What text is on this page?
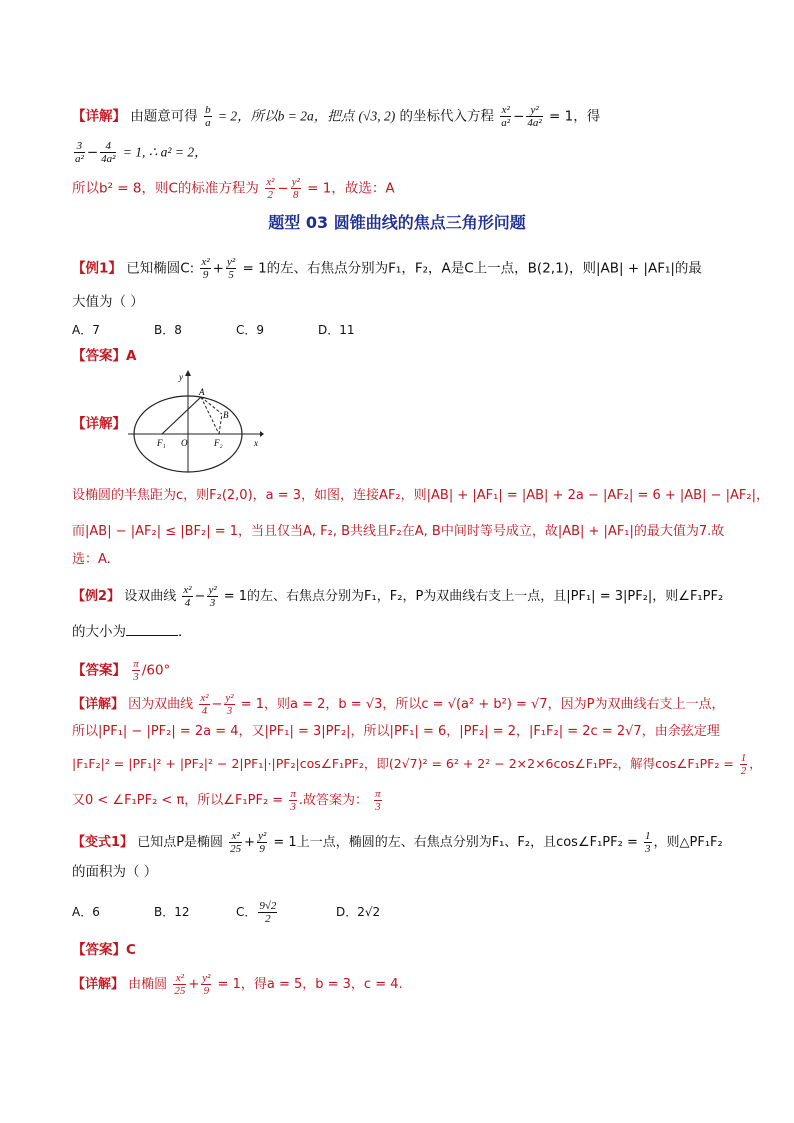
【详解】 由题意可得 $\frac{b}{a} = 2$，所以b = 2a，把点 (√3, 2) 的坐标代入方程 $\frac{\text{x²}}{\text{a²}} - \frac{\text{y²}}{\text{4a²}} = 1$，得
$\frac{3}{\text{a²}} - \frac{4}{\text{4a²}} = 1$, ∴ a² = 2，
所以b² = 8，则C的标准方程为 $\frac{\text{x²}}{2} - \frac{\text{y²}}{8} = 1$，故选：A
题型 03 圆锥曲线的焦点三角形问题
【例1】 已知椭圆C: $\frac{\text{x²}}{9} + \frac{\text{y²}}{5} = 1$的左、右焦点分别为F₁，F₂，A是C上一点，B(2,1)，则|AB| + |AF₁|的最
大值为（ ）
A．7	B．8	C．9	D．11
【答案】A
【详解】
y
x
A
B
O
F₁	F₂
设椭圆的半焦距为c，则F₂(2,0)，a = 3，如图，连接AF₂，则|AB| + |AF₁| = |AB| + 2a − |AF₂| = 6 + |AB| − |AF₂|，
而|AB| − |AF₂| ≤ |BF₂| = 1，当且仅当A, F₂, B共线且F₂在A, B中间时等号成立，故|AB| + |AF₁|的最大值为7.故
选：A.
【例2】 设双曲线 $\frac{\text{x²}}{4} - \frac{\text{y²}}{3} = 1$的左、右焦点分别为F₁，F₂，P为双曲线右支上一点，且|PF₁| = 3|PF₂|，则∠F₁PF₂
的大小为	．
【答案】 $\frac{\pi}{3} /60^\circ$
【详解】 因为双曲线 $\frac{\text{x²}}{4} - \frac{\text{y²}}{3} = 1$，则a = 2，b = √3，所以c = √(a² + b²) = √7，因为P为双曲线右支上一点，
所以|PF₁| − |PF₂| = 2a = 4，又|PF₁| = 3|PF₂|，所以|PF₁| = 6，|PF₂| = 2，|F₁F₂| = 2c = 2√7，由余弦定理
|F₁F₂|² = |PF₁|² + |PF₂|² − 2|PF₁|·|PF₂|cos∠F₁PF₂，即(2√7)² = 6² + 2² − 2×2×6cos∠F₁PF₂，解得cos∠F₁PF₂ = $\frac{1}{2}$ ，
又0 < ∠F₁PF₂ < π，所以∠F₁PF₂ = $\frac{\pi}{3}$ .故答案为： $\frac{\pi}{3}$
【变式1】 已知点P是椭圆 $\frac{\text{x²}}{25} + \frac{\text{y²}}{9} = 1$上一点，椭圆的左、右焦点分别为F₁、F₂，且cos∠F₁PF₂ = $\frac{1}{3}$ ，则△PF₁F₂
的面积为（ ）
A．6	B．12	C． $\frac{9√2}{2}$	D．2√2
【答案】C
【详解】 由椭圆 $\frac{\text{x²}}{25} + \frac{\text{y²}}{9} = 1$，得a = 5，b = 3，c = 4.
